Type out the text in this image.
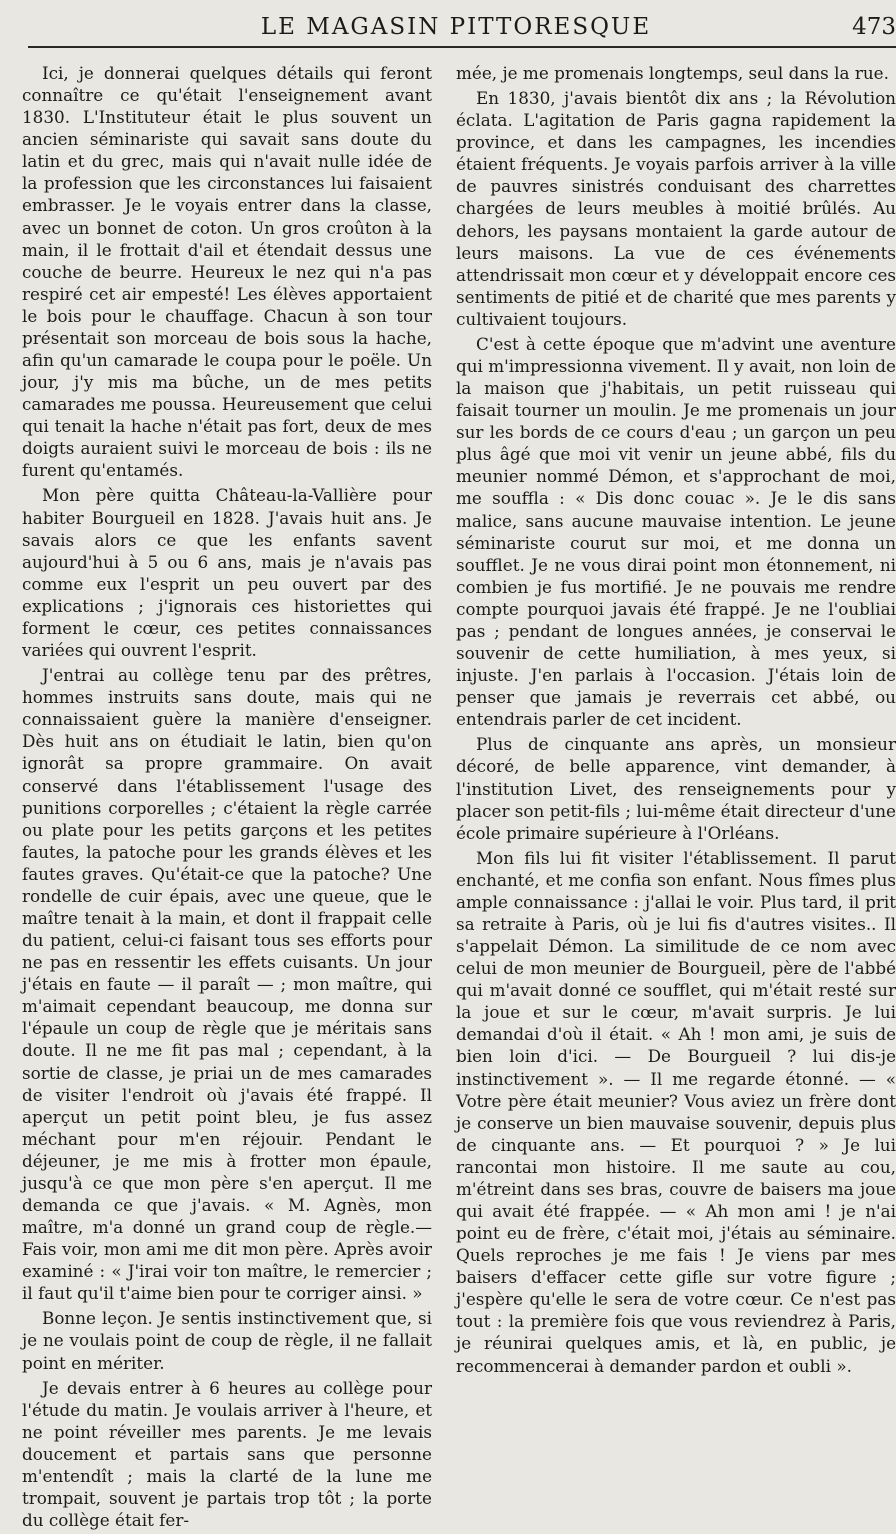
LE MAGASIN PITTORESQUE	473

Ici, je donnerai quelques détails qui feront connaître ce qu'était l'enseignement avant 1830. L'Instituteur était le plus souvent un ancien séminariste qui savait sans doute du latin et du grec, mais qui n'avait nulle idée de la profession que les circonstances lui faisaient embrasser. Je le voyais entrer dans la classe, avec un bonnet de coton. Un gros croûton à la main, il le frottait d'ail et étendait dessus une couche de beurre. Heureux le nez qui n'a pas respiré cet air empesté! Les élèves apportaient le bois pour le chauffage. Chacun à son tour présentait son morceau de bois sous la hache, afin qu'un camarade le coupa pour le poële. Un jour, j'y mis ma bûche, un de mes petits camarades me poussa. Heureusement que celui qui tenait la hache n'était pas fort, deux de mes doigts auraient suivi le morceau de bois : ils ne furent qu'entamés.

Mon père quitta Château-la-Vallière pour habiter Bourgueil en 1828. J'avais huit ans. Je savais alors ce que les enfants savent aujourd'hui à 5 ou 6 ans, mais je n'avais pas comme eux l'esprit un peu ouvert par des explications ; j'ignorais ces historiettes qui forment le cœur, ces petites connaissances variées qui ouvrent l'esprit.

J'entrai au collège tenu par des prêtres, hommes instruits sans doute, mais qui ne connaissaient guère la manière d'enseigner. Dès huit ans on étudiait le latin, bien qu'on ignorât sa propre grammaire. On avait conservé dans l'établissement l'usage des punitions corporelles ; c'étaient la règle carrée ou plate pour les petits garçons et les petites fautes, la patoche pour les grands élèves et les fautes graves. Qu'était-ce que la patoche? Une rondelle de cuir épais, avec une queue, que le maître tenait à la main, et dont il frappait celle du patient, celui-ci faisant tous ses efforts pour ne pas en ressentir les effets cuisants. Un jour j'étais en faute — il paraît — ; mon maître, qui m'aimait cependant beaucoup, me donna sur l'épaule un coup de règle que je méritais sans doute. Il ne me fit pas mal ; cependant, à la sortie de classe, je priai un de mes camarades de visiter l'endroit où j'avais été frappé. Il aperçut un petit point bleu, je fus assez méchant pour m'en réjouir. Pendant le déjeuner, je me mis à frotter mon épaule, jusqu'à ce que mon père s'en aperçut. Il me demanda ce que j'avais. « M. Agnès, mon maître, m'a donné un grand coup de règle.— Fais voir, mon ami me dit mon père. Après avoir examiné : « J'irai voir ton maître, le remercier ; il faut qu'il t'aime bien pour te corriger ainsi. »

Bonne leçon. Je sentis instinctivement que, si je ne voulais point de coup de règle, il ne fallait point en mériter.

Je devais entrer à 6 heures au collège pour l'étude du matin. Je voulais arriver à l'heure, et ne point réveiller mes parents. Je me levais doucement et partais sans que personne m'entendît ; mais la clarté de la lune me trompait, souvent je partais trop tôt ; la porte du collège était fer-

mée, je me promenais longtemps, seul dans la rue.

En 1830, j'avais bientôt dix ans ; la Révolution éclata. L'agitation de Paris gagna rapidement la province, et dans les campagnes, les incendies étaient fréquents. Je voyais parfois arriver à la ville de pauvres sinistrés conduisant des charrettes chargées de leurs meubles à moitié brûlés. Au dehors, les paysans montaient la garde autour de leurs maisons. La vue de ces événements attendrissait mon cœur et y développait encore ces sentiments de pitié et de charité que mes parents y cultivaient toujours.

C'est à cette époque que m'advint une aventure qui m'impressionna vivement. Il y avait, non loin de la maison que j'habitais, un petit ruisseau qui faisait tourner un moulin. Je me promenais un jour sur les bords de ce cours d'eau ; un garçon un peu plus âgé que moi vit venir un jeune abbé, fils du meunier nommé Démon, et s'approchant de moi, me souffla : « Dis donc couac ». Je le dis sans malice, sans aucune mauvaise intention. Le jeune séminariste courut sur moi, et me donna un soufflet. Je ne vous dirai point mon étonnement, ni combien je fus mortifié. Je ne pouvais me rendre compte pourquoi javais été frappé. Je ne l'oubliai pas ; pendant de longues années, je conservai le souvenir de cette humiliation, à mes yeux, si injuste. J'en parlais à l'occasion. J'étais loin de penser que jamais je reverrais cet abbé, ou entendrais parler de cet incident.

Plus de cinquante ans après, un monsieur décoré, de belle apparence, vint demander, à l'institution Livet, des renseignements pour y placer son petit-fils ; lui-même était directeur d'une école primaire supérieure à l'Orléans.

Mon fils lui fit visiter l'établissement. Il parut enchanté, et me confia son enfant. Nous fîmes plus ample connaissance : j'allai le voir. Plus tard, il prit sa retraite à Paris, où je lui fis d'autres visites.. Il s'appelait Démon. La similitude de ce nom avec celui de mon meunier de Bourgueil, père de l'abbé qui m'avait donné ce soufflet, qui m'était resté sur la joue et sur le cœur, m'avait surpris. Je lui demandai d'où il était. « Ah ! mon ami, je suis de bien loin d'ici. — De Bourgueil ? lui dis-je instinctivement ». — Il me regarde étonné. — « Votre père était meunier? Vous aviez un frère dont je conserve un bien mauvaise souvenir, depuis plus de cinquante ans. — Et pourquoi ? » Je lui rancontai mon histoire. Il me saute au cou, m'étreint dans ses bras, couvre de baisers ma joue qui avait été frappée. — « Ah mon ami ! je n'ai point eu de frère, c'était moi, j'étais au séminaire. Quels reproches je me fais ! Je viens par mes baisers d'effacer cette gifle sur votre figure ; j'espère qu'elle le sera de votre cœur. Ce n'est pas tout : la première fois que vous reviendrez à Paris, je réunirai quelques amis, et là, en public, je recommencerai à demander pardon et oubli ».
